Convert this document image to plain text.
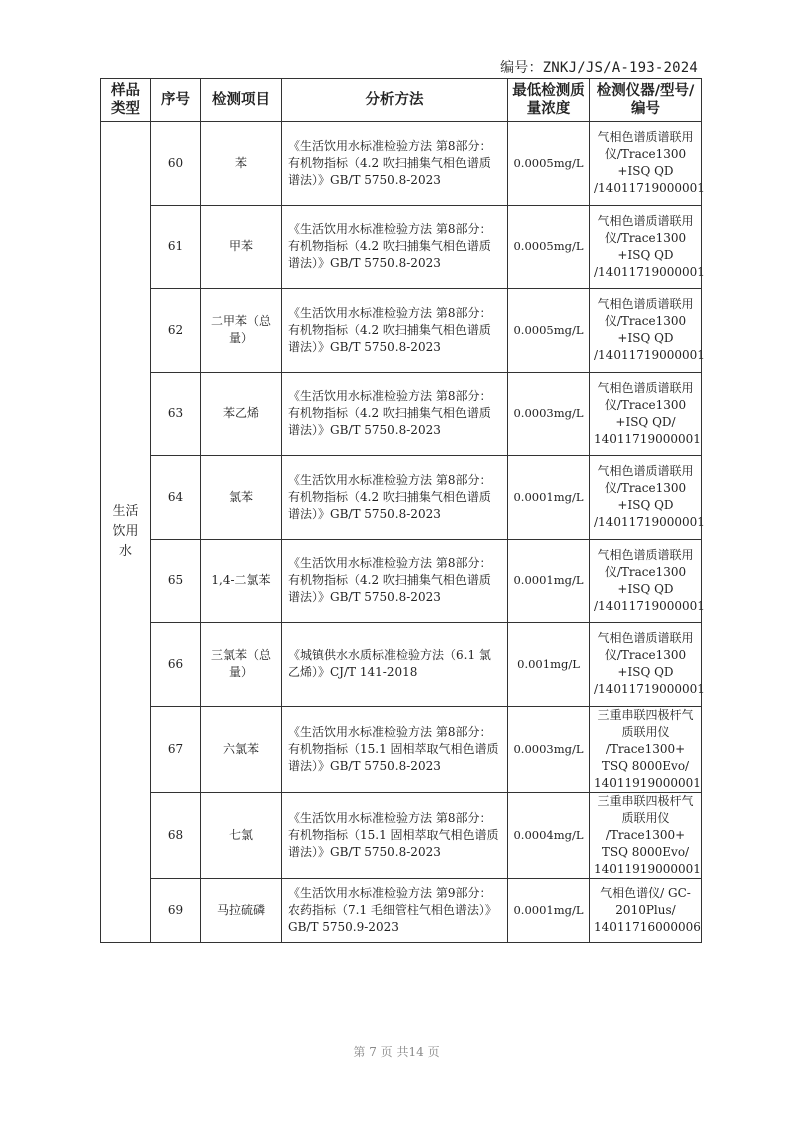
编号：ZNKJ/JS/A-193-2024
样品类型	序号	检测项目	分析方法	最低检测质量浓度	检测仪器/型号/编号
生活饮用水	60	苯	《生活饮用水标准检验方法 第8部分：有机物指标（4.2 吹扫捕集气相色谱质谱法）》GB/T 5750.8-2023	0.0005mg/L	气相色谱质谱联用仪/Trace1300 +ISQ QD /14011719000001
	61	甲苯	《生活饮用水标准检验方法 第8部分：有机物指标（4.2 吹扫捕集气相色谱质谱法）》GB/T 5750.8-2023	0.0005mg/L	气相色谱质谱联用仪/Trace1300 +ISQ QD /14011719000001
	62	二甲苯（总量）	《生活饮用水标准检验方法 第8部分：有机物指标（4.2 吹扫捕集气相色谱质谱法）》GB/T 5750.8-2023	0.0005mg/L	气相色谱质谱联用仪/Trace1300 +ISQ QD /14011719000001
	63	苯乙烯	《生活饮用水标准检验方法 第8部分：有机物指标（4.2 吹扫捕集气相色谱质谱法）》GB/T 5750.8-2023	0.0003mg/L	气相色谱质谱联用仪/Trace1300 +ISQ QD/ 14011719000001
	64	氯苯	《生活饮用水标准检验方法 第8部分：有机物指标（4.2 吹扫捕集气相色谱质谱法）》GB/T 5750.8-2023	0.0001mg/L	气相色谱质谱联用仪/Trace1300 +ISQ QD /14011719000001
	65	1,4-二氯苯	《生活饮用水标准检验方法 第8部分：有机物指标（4.2 吹扫捕集气相色谱质谱法）》GB/T 5750.8-2023	0.0001mg/L	气相色谱质谱联用仪/Trace1300 +ISQ QD /14011719000001
	66	三氯苯（总量）	《城镇供水水质标准检验方法（6.1 氯乙烯）》CJ/T 141-2018	0.001mg/L	气相色谱质谱联用仪/Trace1300 +ISQ QD /14011719000001
	67	六氯苯	《生活饮用水标准检验方法 第8部分：有机物指标（15.1 固相萃取气相色谱质谱法）》GB/T 5750.8-2023	0.0003mg/L	三重串联四极杆气质联用仪 /Trace1300+ TSQ 8000Evo/ 14011919000001
	68	七氯	《生活饮用水标准检验方法 第8部分：有机物指标（15.1 固相萃取气相色谱质谱法）》GB/T 5750.8-2023	0.0004mg/L	三重串联四极杆气质联用仪 /Trace1300+ TSQ 8000Evo/ 14011919000001
	69	马拉硫磷	《生活饮用水标准检验方法 第9部分：农药指标（7.1 毛细管柱气相色谱法）》GB/T 5750.9-2023	0.0001mg/L	气相色谱仪/ GC-2010Plus/ 14011716000006
第 7 页 共14 页
